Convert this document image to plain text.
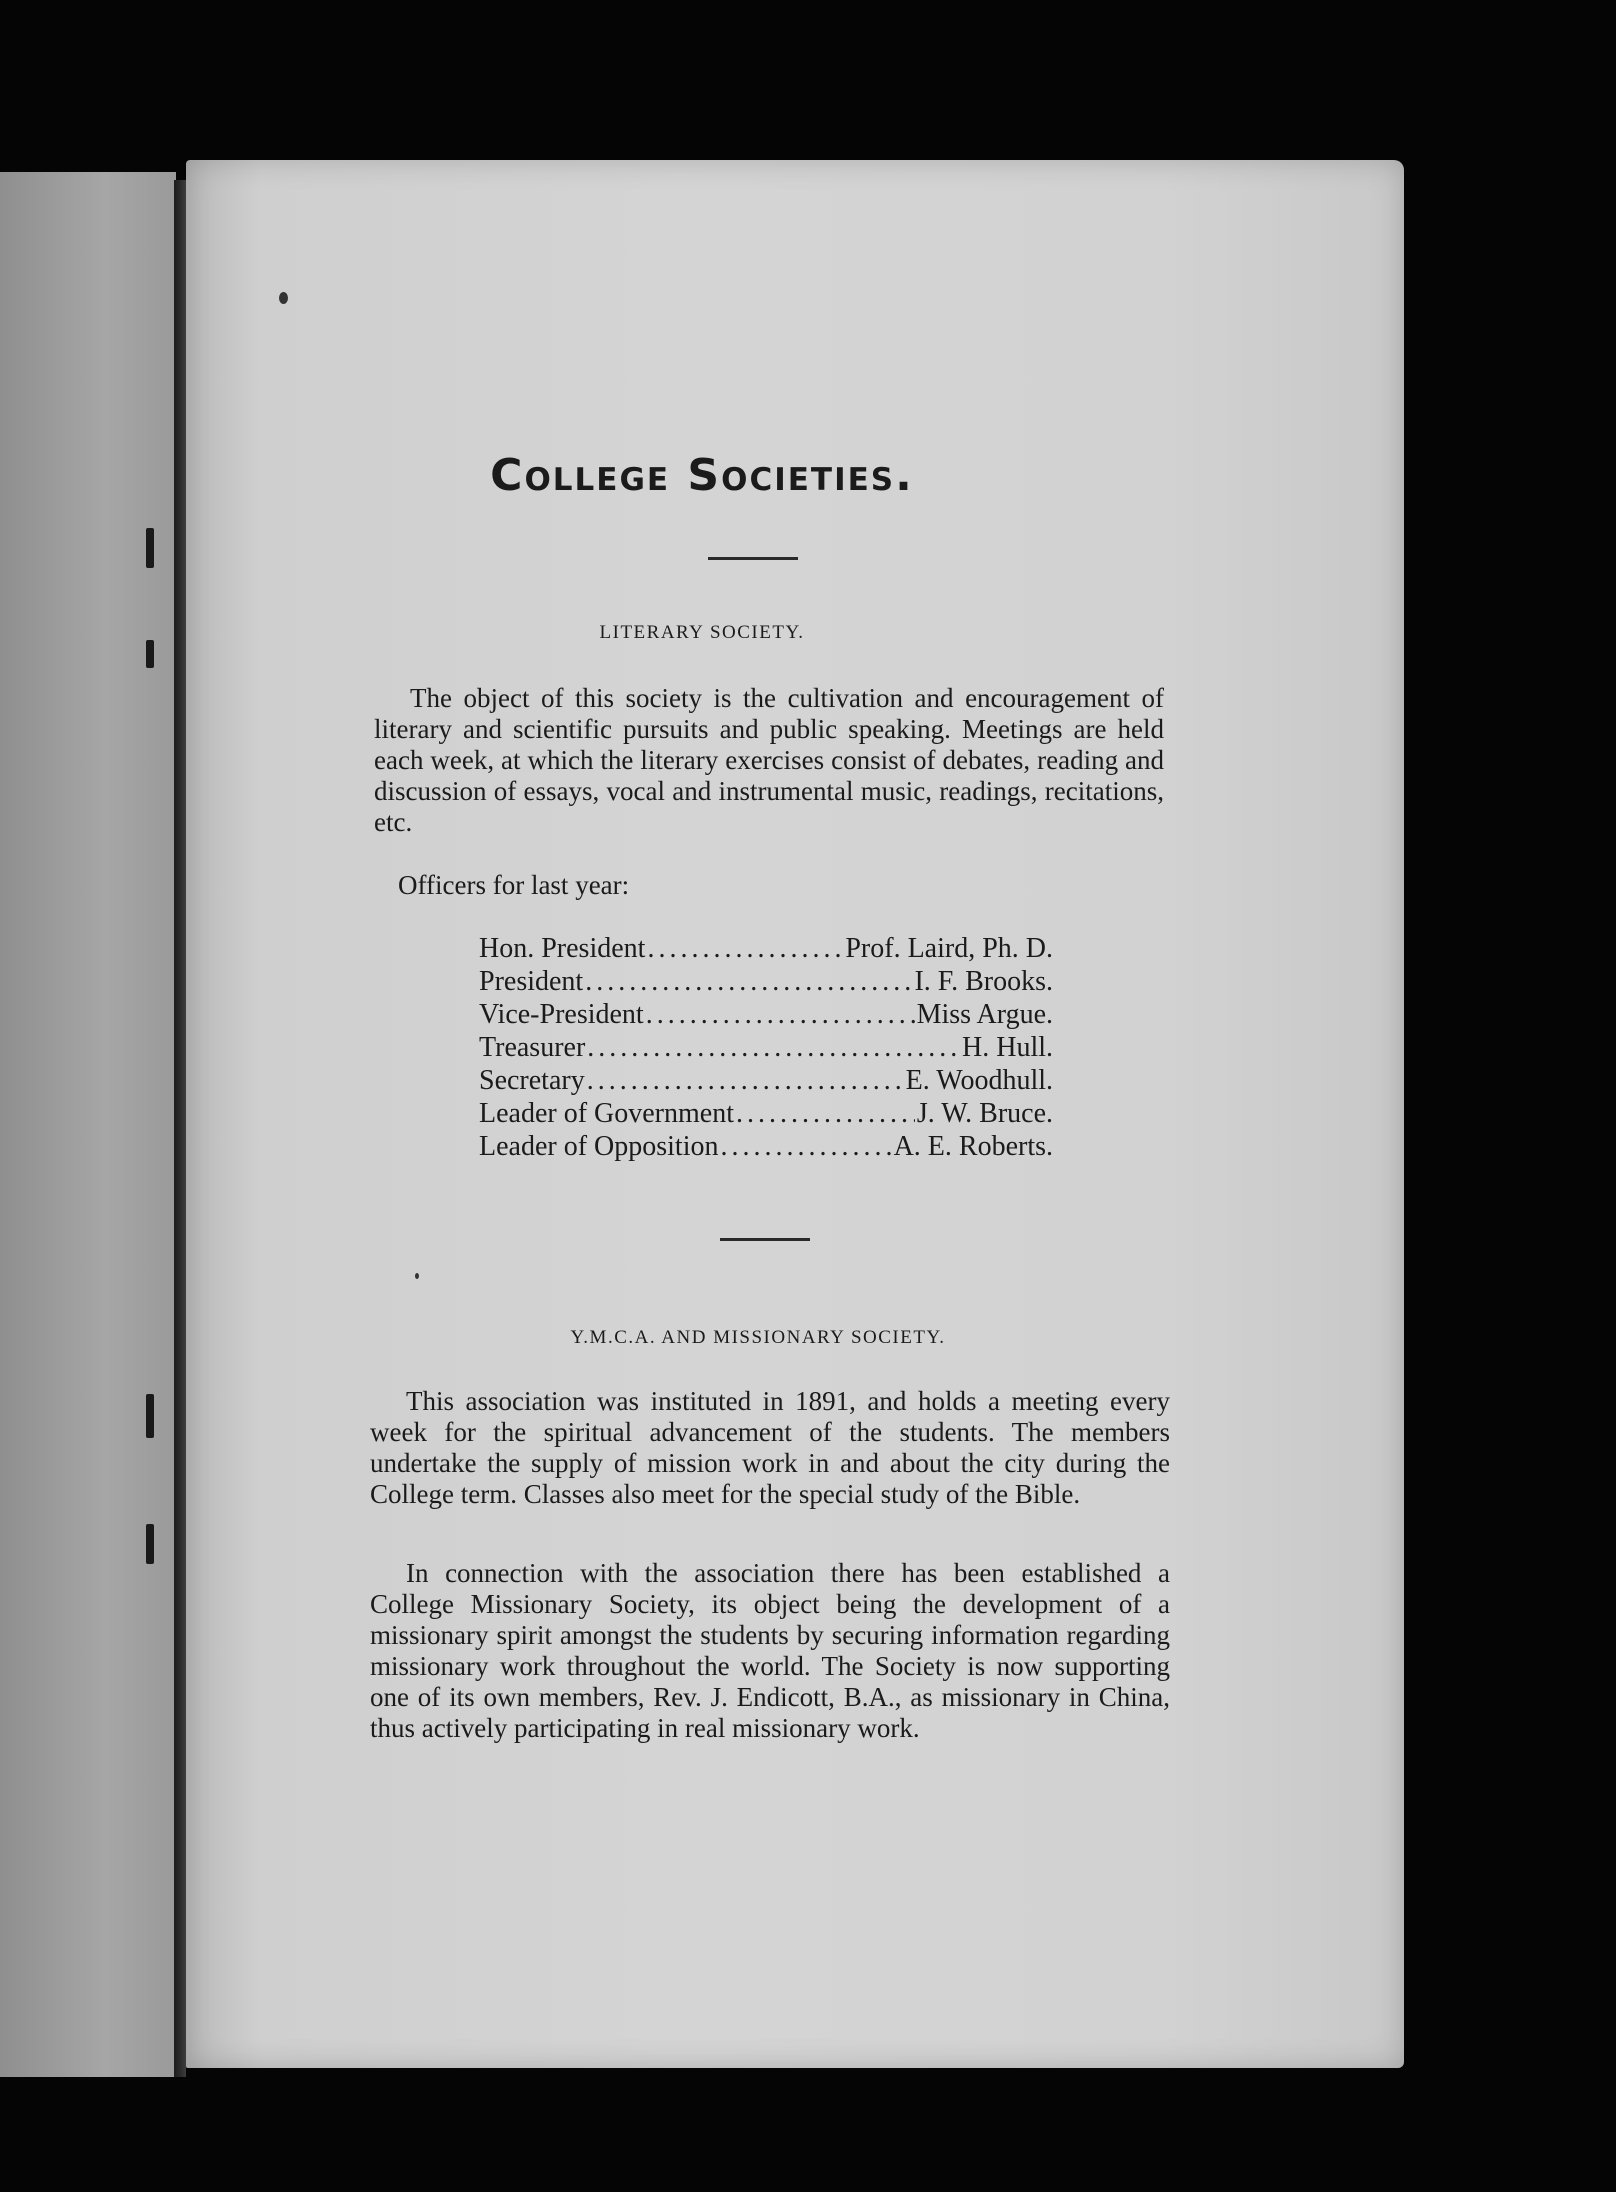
College Societies.
LITERARY SOCIETY.

The object of this society is the cultivation and encouragement of literary and scientific pursuits and public speaking. Meetings are held each week, at which the literary exercises consist of debates, reading and discussion of essays, vocal and instrumental music, readings, recitations, etc.

Officers for last year:

Hon. President .....	Prof. Laird, Ph. D.
President .....	I. F. Brooks.
Vice-President .....	Miss Argue.
Treasurer .....	H. Hull.
Secretary .....	E. Woodhull.
Leader of Government .....	J. W. Bruce.
Leader of Opposition .....	A. E. Roberts.
Y.M.C.A. AND MISSIONARY SOCIETY.

This association was instituted in 1891, and holds a meeting every week for the spiritual advancement of the students. The members undertake the supply of mission work in and about the city during the College term. Classes also meet for the special study of the Bible.

In connection with the association there has been established a College Missionary Society, its object being the development of a missionary spirit amongst the students by securing information regarding missionary work throughout the world. The Society is now supporting one of its own members, Rev. J. Endicott, B.A., as missionary in China, thus actively participating in real missionary work.
